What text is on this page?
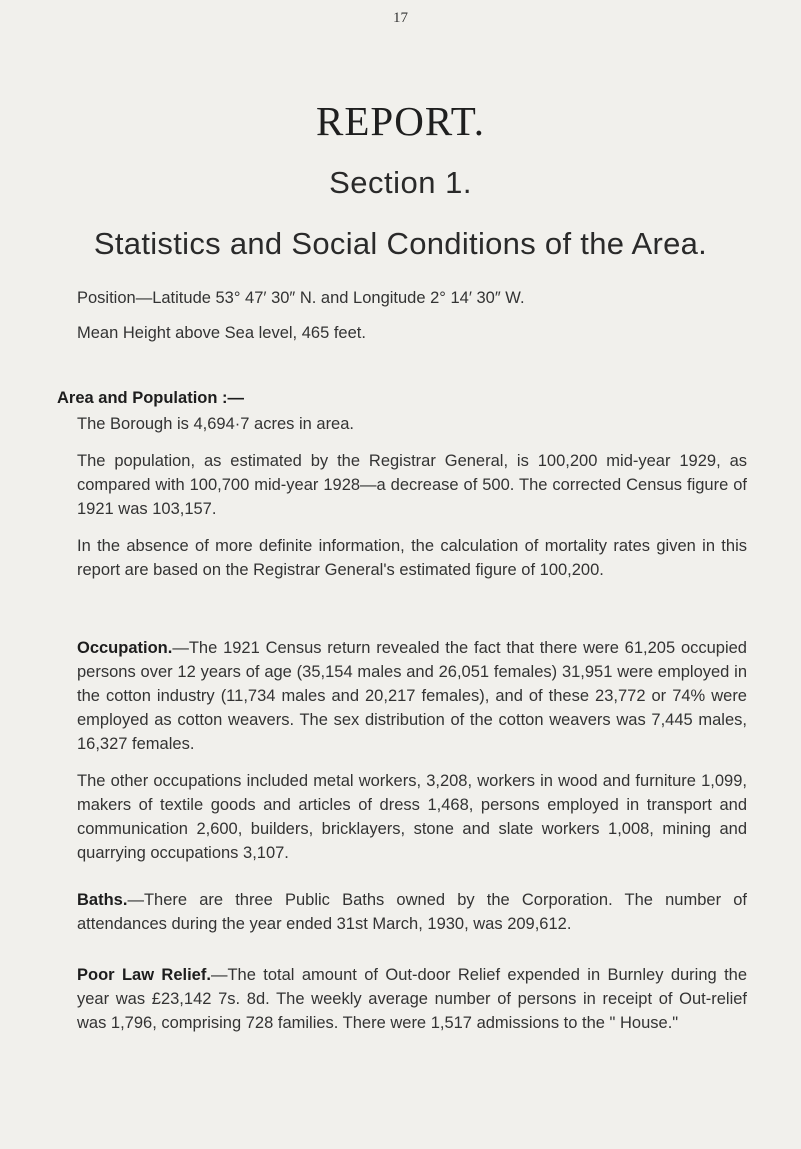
17
REPORT.
Section 1.
Statistics and Social Conditions of the Area.

Position—Latitude 53° 47′ 30″ N. and Longitude 2° 14′ 30″ W.

Mean Height above Sea level, 465 feet.

Area and Population :—

The Borough is 4,694·7 acres in area.

The population, as estimated by the Registrar General, is 100,200 mid-year 1929, as compared with 100,700 mid-year 1928—a decrease of 500. The corrected Census figure of 1921 was 103,157.

In the absence of more definite information, the calculation of mortality rates given in this report are based on the Registrar General's estimated figure of 100,200.

Occupation.—The 1921 Census return revealed the fact that there were 61,205 occupied persons over 12 years of age (35,154 males and 26,051 females) 31,951 were employed in the cotton industry (11,734 males and 20,217 females), and of these 23,772 or 74% were employed as cotton weavers. The sex distribution of the cotton weavers was 7,445 males, 16,327 females.

The other occupations included metal workers, 3,208, workers in wood and furniture 1,099, makers of textile goods and articles of dress 1,468, persons employed in transport and communication 2,600, builders, bricklayers, stone and slate workers 1,008, mining and quarrying occupations 3,107.

Baths.—There are three Public Baths owned by the Corporation. The number of attendances during the year ended 31st March, 1930, was 209,612.

Poor Law Relief.—The total amount of Out-door Relief expended in Burnley during the year was £23,142 7s. 8d. The weekly average number of persons in receipt of Out-relief was 1,796, comprising 728 families. There were 1,517 admissions to the " House."
